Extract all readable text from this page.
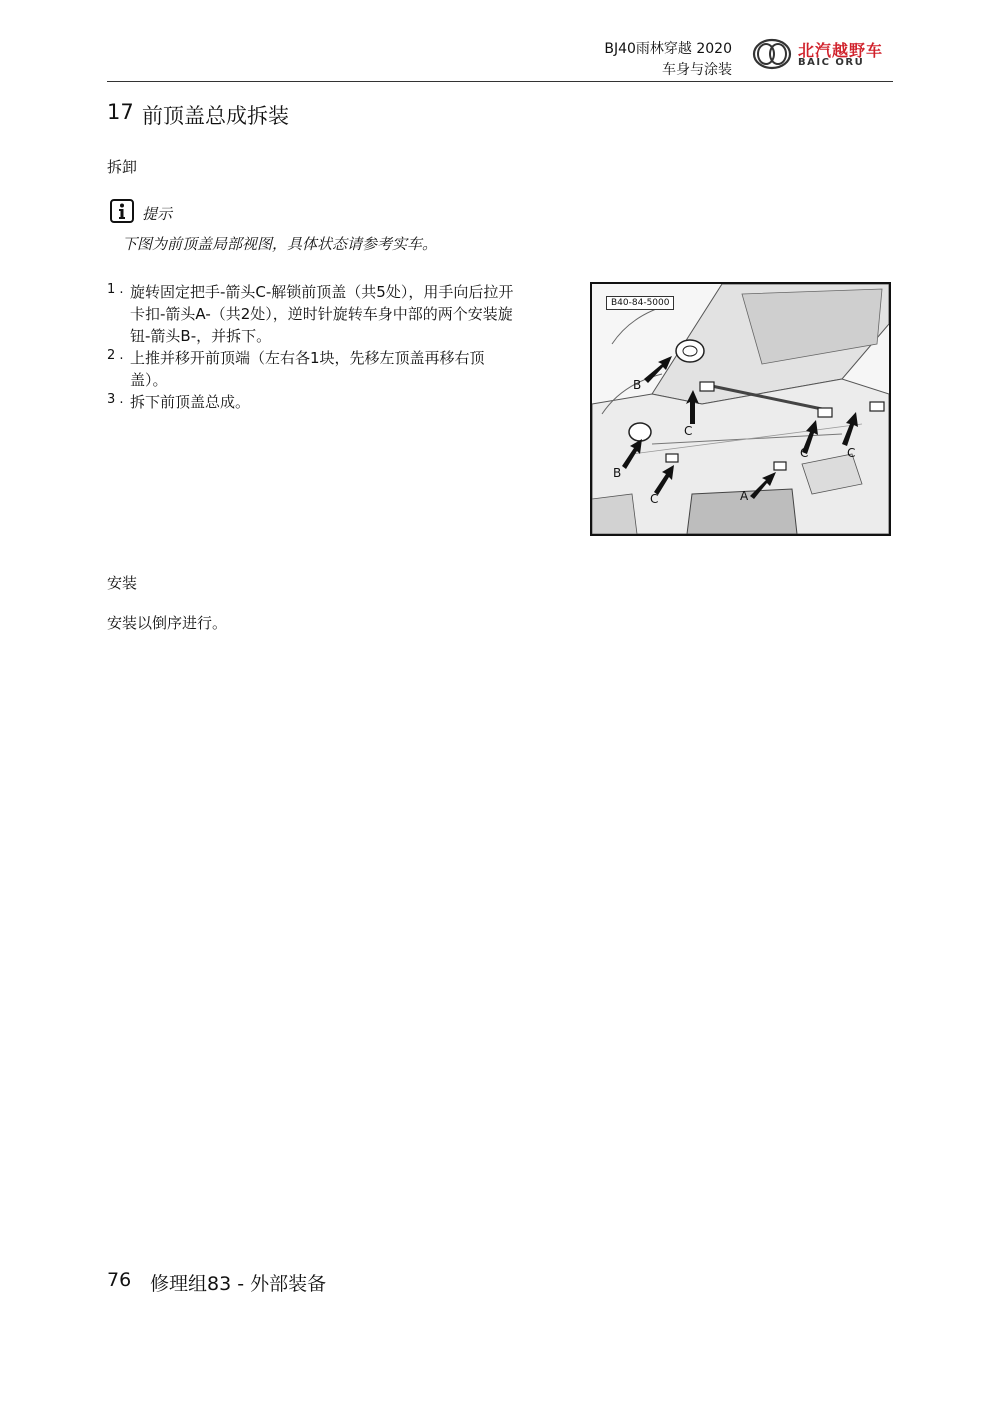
BJ40雨林穿越 2020
车身与涂装
北汽越野车
BAIC ORU
17 前顶盖总成拆装
拆卸
提示
下图为前顶盖局部视图，具体状态请参考实车。
1 . 旋转固定把手-箭头C-解锁前顶盖（共5处），用手向后拉开卡扣-箭头A-（共2处），逆时针旋转车身中部的两个安装旋钮-箭头B-，并拆下。
2 . 上推并移开前顶端（左右各1块，先移左顶盖再移右顶盖）。
3 . 拆下前顶盖总成。
B40-84-5000
B
C
C	C
B
C	A
安装
安装以倒序进行。
76 修理组83 - 外部装备
